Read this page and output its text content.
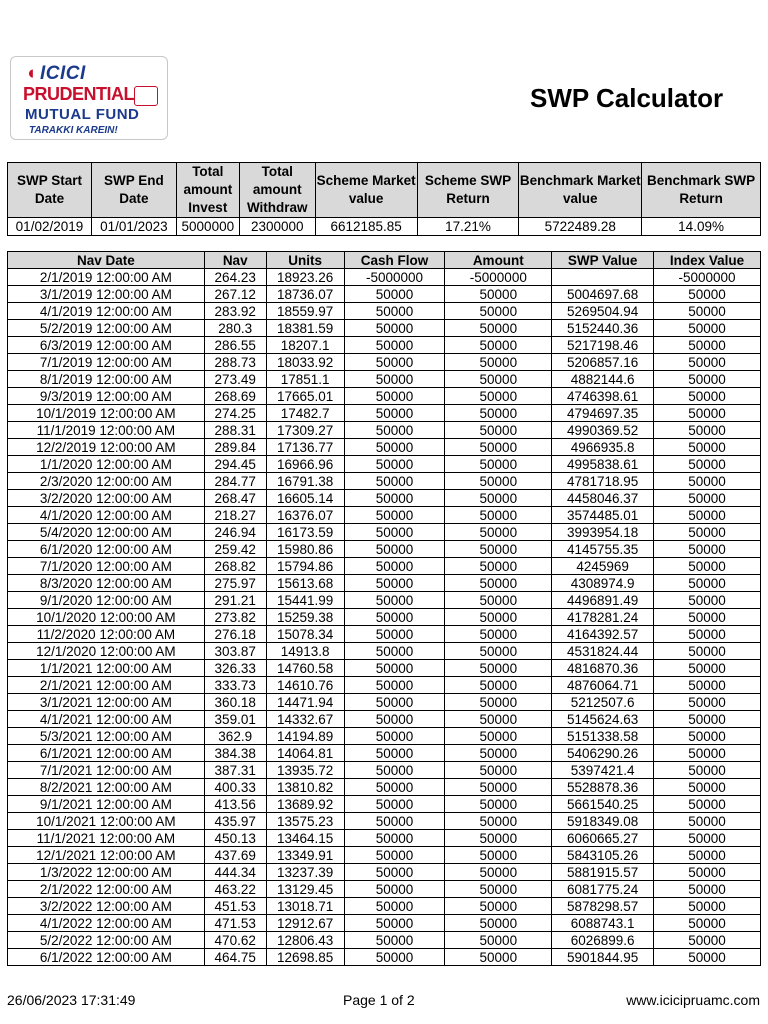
◖ ICICI
PRUDENTIAL
MUTUAL FUND
TARAKKI KAREIN!
SWP Calculator
SWP Start Date	SWP End Date	Total amount Invest	Total amount Withdraw	Scheme Market value	Scheme SWP Return	Benchmark Market value	Benchmark SWP Return
01/02/2019	01/01/2023	5000000	2300000	6612185.85	17.21%	5722489.28	14.09%
Nav Date	Nav	Units	Cash Flow	Amount	SWP Value	Index Value
2/1/2019 12:00:00 AM	264.23	18923.26	-5000000	-5000000		-5000000
3/1/2019 12:00:00 AM	267.12	18736.07	50000	50000	5004697.68	50000
4/1/2019 12:00:00 AM	283.92	18559.97	50000	50000	5269504.94	50000
5/2/2019 12:00:00 AM	280.3	18381.59	50000	50000	5152440.36	50000
6/3/2019 12:00:00 AM	286.55	18207.1	50000	50000	5217198.46	50000
7/1/2019 12:00:00 AM	288.73	18033.92	50000	50000	5206857.16	50000
8/1/2019 12:00:00 AM	273.49	17851.1	50000	50000	4882144.6	50000
9/3/2019 12:00:00 AM	268.69	17665.01	50000	50000	4746398.61	50000
10/1/2019 12:00:00 AM	274.25	17482.7	50000	50000	4794697.35	50000
11/1/2019 12:00:00 AM	288.31	17309.27	50000	50000	4990369.52	50000
12/2/2019 12:00:00 AM	289.84	17136.77	50000	50000	4966935.8	50000
1/1/2020 12:00:00 AM	294.45	16966.96	50000	50000	4995838.61	50000
2/3/2020 12:00:00 AM	284.77	16791.38	50000	50000	4781718.95	50000
3/2/2020 12:00:00 AM	268.47	16605.14	50000	50000	4458046.37	50000
4/1/2020 12:00:00 AM	218.27	16376.07	50000	50000	3574485.01	50000
5/4/2020 12:00:00 AM	246.94	16173.59	50000	50000	3993954.18	50000
6/1/2020 12:00:00 AM	259.42	15980.86	50000	50000	4145755.35	50000
7/1/2020 12:00:00 AM	268.82	15794.86	50000	50000	4245969	50000
8/3/2020 12:00:00 AM	275.97	15613.68	50000	50000	4308974.9	50000
9/1/2020 12:00:00 AM	291.21	15441.99	50000	50000	4496891.49	50000
10/1/2020 12:00:00 AM	273.82	15259.38	50000	50000	4178281.24	50000
11/2/2020 12:00:00 AM	276.18	15078.34	50000	50000	4164392.57	50000
12/1/2020 12:00:00 AM	303.87	14913.8	50000	50000	4531824.44	50000
1/1/2021 12:00:00 AM	326.33	14760.58	50000	50000	4816870.36	50000
2/1/2021 12:00:00 AM	333.73	14610.76	50000	50000	4876064.71	50000
3/1/2021 12:00:00 AM	360.18	14471.94	50000	50000	5212507.6	50000
4/1/2021 12:00:00 AM	359.01	14332.67	50000	50000	5145624.63	50000
5/3/2021 12:00:00 AM	362.9	14194.89	50000	50000	5151338.58	50000
6/1/2021 12:00:00 AM	384.38	14064.81	50000	50000	5406290.26	50000
7/1/2021 12:00:00 AM	387.31	13935.72	50000	50000	5397421.4	50000
8/2/2021 12:00:00 AM	400.33	13810.82	50000	50000	5528878.36	50000
9/1/2021 12:00:00 AM	413.56	13689.92	50000	50000	5661540.25	50000
10/1/2021 12:00:00 AM	435.97	13575.23	50000	50000	5918349.08	50000
11/1/2021 12:00:00 AM	450.13	13464.15	50000	50000	6060665.27	50000
12/1/2021 12:00:00 AM	437.69	13349.91	50000	50000	5843105.26	50000
1/3/2022 12:00:00 AM	444.34	13237.39	50000	50000	5881915.57	50000
2/1/2022 12:00:00 AM	463.22	13129.45	50000	50000	6081775.24	50000
3/2/2022 12:00:00 AM	451.53	13018.71	50000	50000	5878298.57	50000
4/1/2022 12:00:00 AM	471.53	12912.67	50000	50000	6088743.1	50000
5/2/2022 12:00:00 AM	470.62	12806.43	50000	50000	6026899.6	50000
6/1/2022 12:00:00 AM	464.75	12698.85	50000	50000	5901844.95	50000
26/06/2023 17:31:49	Page 1 of 2	www.icicipruamc.com
